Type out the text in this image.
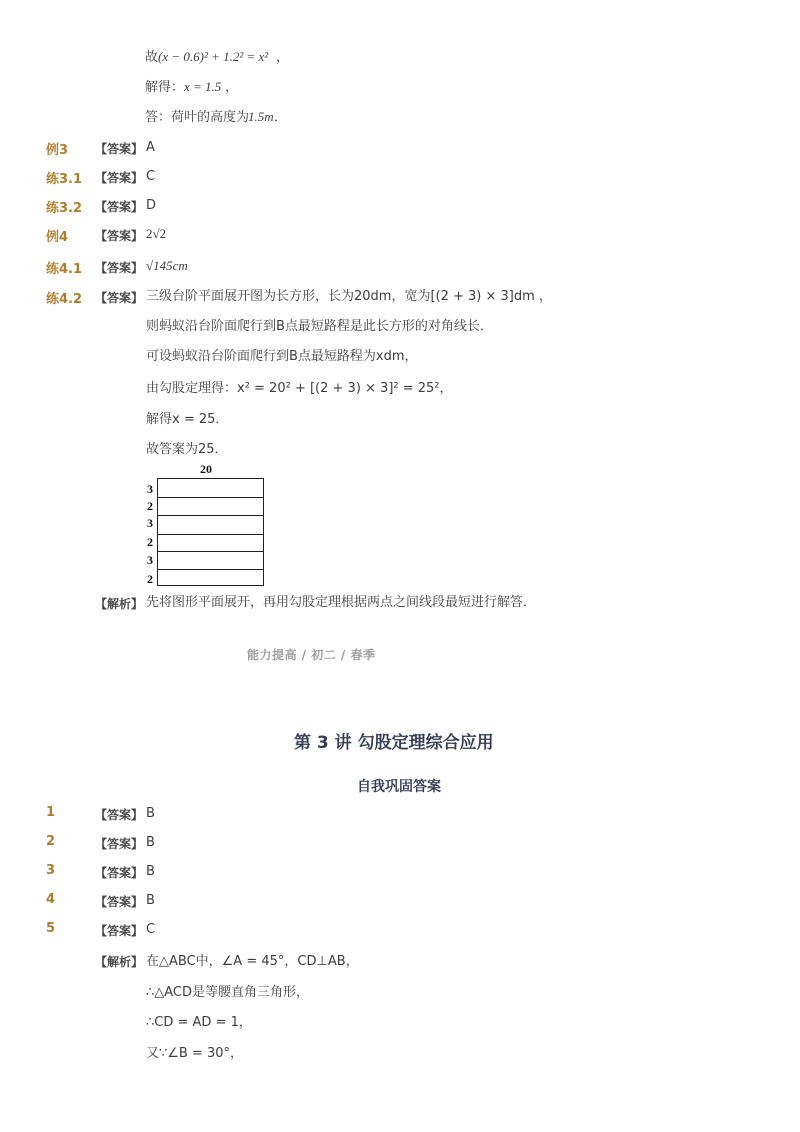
故 (x − 0.6)² + 1.2² = x² ，
解得： x = 1.5 ，
答：荷叶的高度为
1.5m ．
例3 【答案】 A
练3.1 【答案】 C
练3.2 【答案】 D
例4 【答案】 2√2
练4.1 【答案】 √145cm
练4.2 【答案】 三级台阶平面展开图为长方形，长为20dm，宽为[(2 + 3) × 3]dm ，
则蚂蚁沿台阶面爬行到B点最短路程是此长方形的对角线长．
可设蚂蚁沿台阶面爬行到B点最短路程为xdm，
由勾股定理得：x² = 20² + [(2 + 3) × 3]² = 25²，
解得x = 25．
故答案为25．
20
3
2
3
2
3
2
【解析】 先将图形平面展开，再用勾股定理根据两点之间线段最短进行解答．
能力提高 / 初二 / 春季
第 3 讲 勾股定理综合应用
自我巩固答案
1	【答案】 B
2	【答案】 B
3	【答案】 B
4	【答案】 B
5	【答案】 C
【解析】 在△ABC中，∠A = 45°，CD⊥AB，
∴△ACD是等腰直角三角形，
∴CD = AD = 1，
又∵∠B = 30°，
